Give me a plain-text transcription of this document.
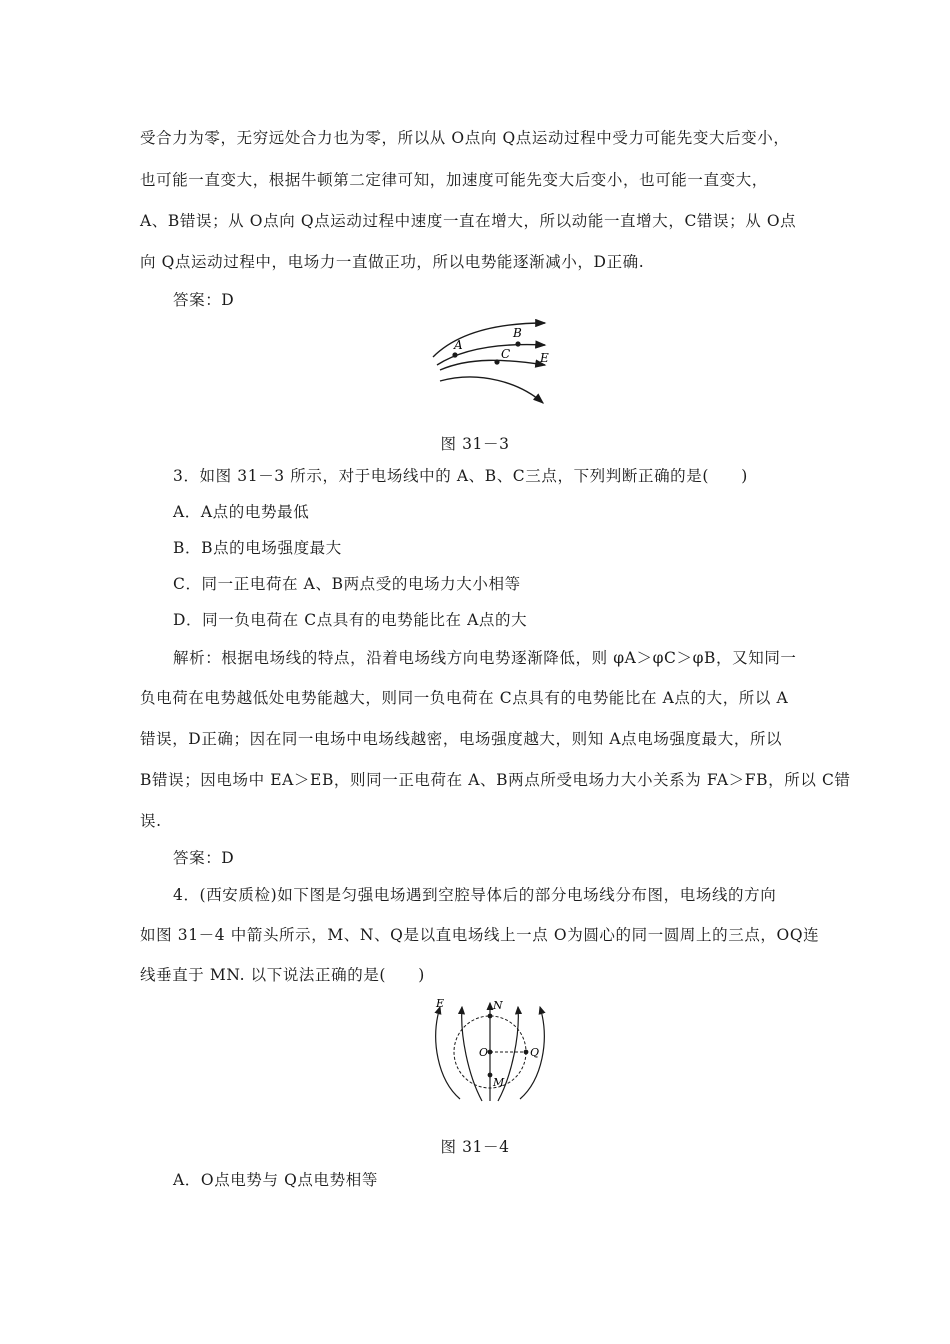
受合力为零，无穷远处合力也为零，所以从 O点向 Q点运动过程中受力可能先变大后变小，
也可能一直变大，根据牛顿第二定律可知，加速度可能先变大后变小，也可能一直变大，
A、B错误；从 O点向 Q点运动过程中速度一直在增大，所以动能一直增大，C错误；从 O点
向 Q点运动过程中，电场力一直做正功，所以电势能逐渐减小，D正确.
答案：D
A
B
C E
图 31－3
3．如图 31－3 所示，对于电场线中的 A、B、C三点，下列判断正确的是(　　)
A．A点的电势最低
B．B点的电场强度最大
C．同一正电荷在 A、B两点受的电场力大小相等
D．同一负电荷在 C点具有的电势能比在 A点的大
解析：根据电场线的特点，沿着电场线方向电势逐渐降低，则 φA＞φC＞φB，又知同一
负电荷在电势越低处电势能越大，则同一负电荷在 C点具有的电势能比在 A点的大，所以 A
错误，D正确；因在同一电场中电场线越密，电场强度越大，则知 A点电场强度最大，所以
B错误；因电场中 EA＞EB，则同一正电荷在 A、B两点所受电场力大小关系为 FA＞FB，所以 C错
误.
答案：D
4．(西安质检)如下图是匀强电场遇到空腔导体后的部分电场线分布图，电场线的方向
如图 31－4 中箭头所示，M、N、Q是以直电场线上一点 O为圆心的同一圆周上的三点，OQ连
线垂直于 MN. 以下说法正确的是(　　)
E	N
O	Q
M
图 31－4
A．O点电势与 Q点电势相等
